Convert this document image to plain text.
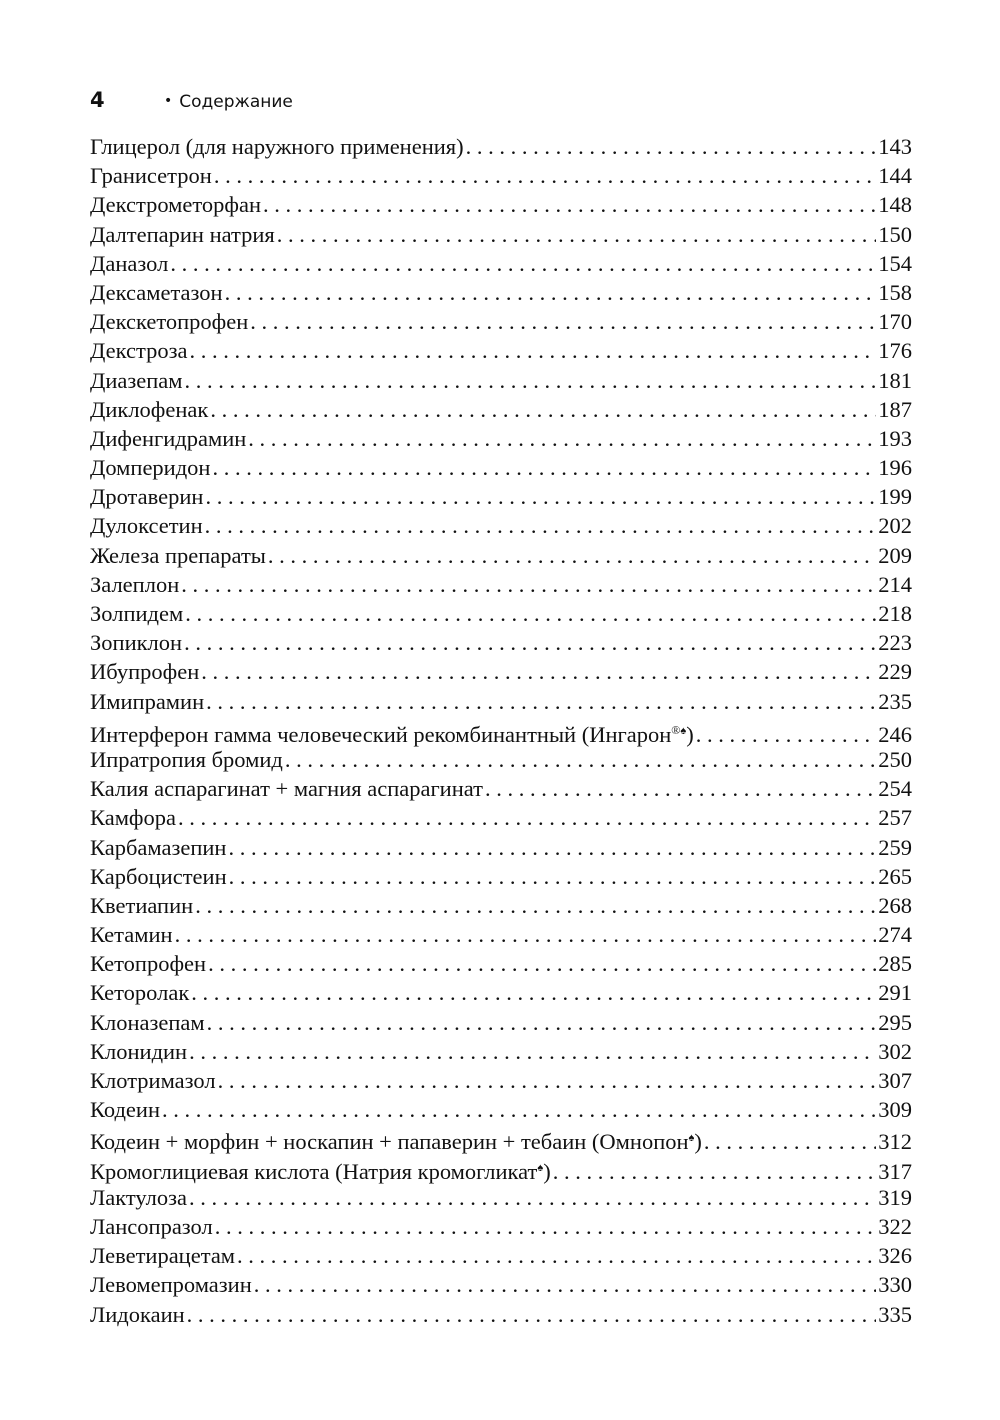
4	• Содержание
Глицерол (для наружного применения) . . .	143
Гранисетрон . . .	144
Декстрометорфан . . .	148
Далтепарин натрия . . .	150
Даназол . . .	154
Дексаметазон . . .	158
Декскетопрофен . . .	170
Декстроза . . .	176
Диазепам . . .	181
Диклофенак . . .	187
Дифенгидрамин . . .	193
Домперидон . . .	196
Дротаверин . . .	199
Дулоксетин . . .	202
Железа препараты . . .	209
Залеплон . . .	214
Золпидем . . .	218
Зопиклон . . .	223
Ибупрофен . . .	229
Имипрамин . . .	235
Интерферон гамма человеческий рекомбинантный (Ингарон®♠) . . .	246
Ипратропия бромид . . .	250
Калия аспарагинат + магния аспарагинат . . .	254
Камфора . . .	257
Карбамазепин . . .	259
Карбоцистеин . . .	265
Кветиапин . . .	268
Кетамин . . .	274
Кетопрофен . . .	285
Кеторолак . . .	291
Клоназепам . . .	295
Клонидин . . .	302
Клотримазол . . .	307
Кодеин . . .	309
Кодеин + морфин + носкапин + папаверин + тебаин (Омнопон♠) . . .	312
Кромоглициевая кислота (Натрия кромогликат♠) . . .	317
Лактулоза . . .	319
Лансопразол . . .	322
Леветирацетам . . .	326
Левомепромазин . . .	330
Лидокаин . . .	335
